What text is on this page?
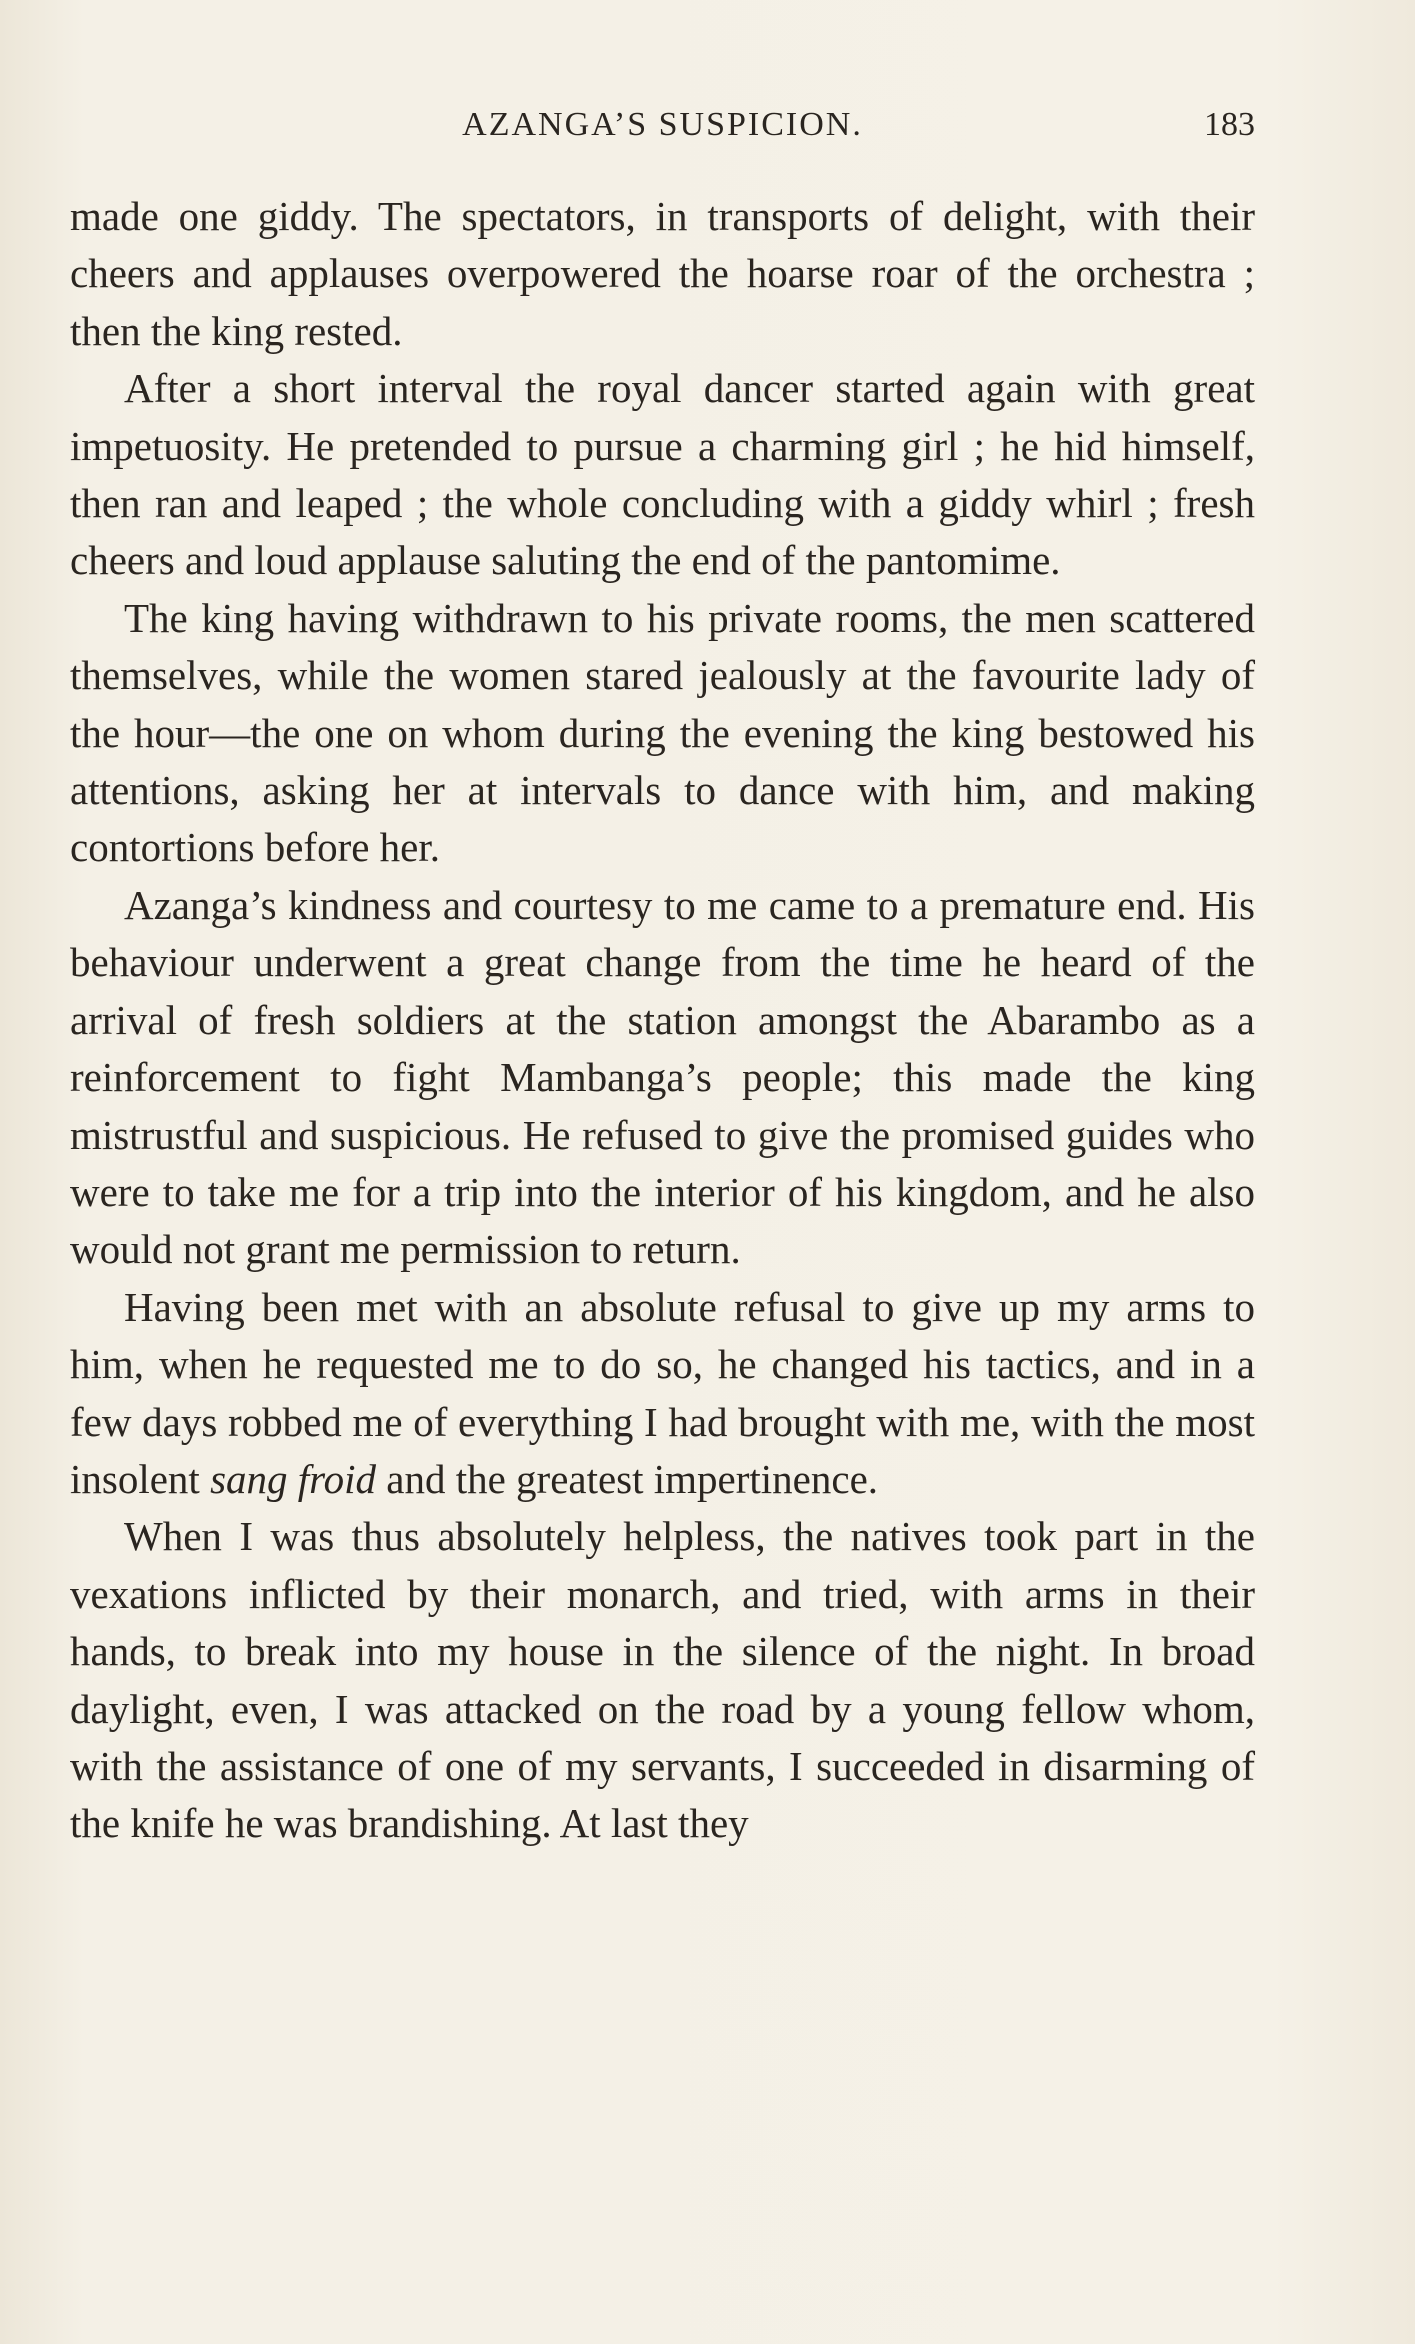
AZANGA’S SUSPICION.	183

made one giddy. The spectators, in transports of delight, with their cheers and applauses overpowered the hoarse roar of the orchestra ; then the king rested.

After a short interval the royal dancer started again with great impetuosity. He pretended to pursue a charming girl ; he hid himself, then ran and leaped ; the whole concluding with a giddy whirl ; fresh cheers and loud applause saluting the end of the pantomime.

The king having withdrawn to his private rooms, the men scattered themselves, while the women stared jealously at the favourite lady of the hour—the one on whom during the evening the king bestowed his attentions, asking her at intervals to dance with him, and making contortions before her.

Azanga’s kindness and courtesy to me came to a premature end. His behaviour underwent a great change from the time he heard of the arrival of fresh soldiers at the station amongst the Abarambo as a reinforcement to fight Mambanga’s people; this made the king mistrustful and suspicious. He refused to give the promised guides who were to take me for a trip into the interior of his kingdom, and he also would not grant me permission to return.

Having been met with an absolute refusal to give up my arms to him, when he requested me to do so, he changed his tactics, and in a few days robbed me of everything I had brought with me, with the most insolent sang froid and the greatest impertinence.

When I was thus absolutely helpless, the natives took part in the vexations inflicted by their monarch, and tried, with arms in their hands, to break into my house in the silence of the night. In broad daylight, even, I was attacked on the road by a young fellow whom, with the assistance of one of my servants, I succeeded in disarming of the knife he was brandishing. At last they
